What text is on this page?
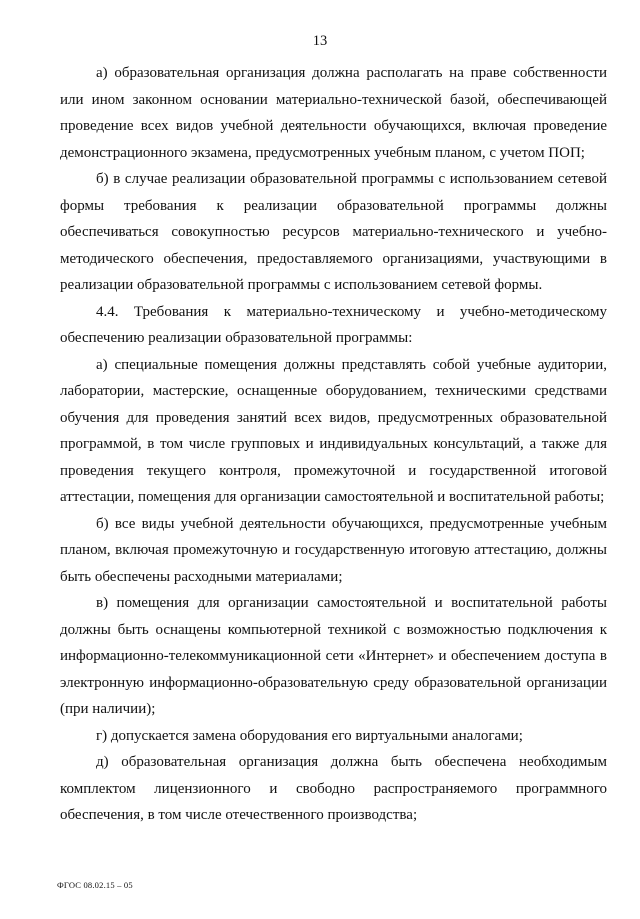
13

а) образовательная организация должна располагать на праве собственности или ином законном основании материально-технической базой, обеспечивающей проведение всех видов учебной деятельности обучающихся, включая проведение демонстрационного экзамена, предусмотренных учебным планом, с учетом ПОП;

б) в случае реализации образовательной программы с использованием сетевой формы требования к реализации образовательной программы должны обеспечиваться совокупностью ресурсов материально-технического и учебно-методического обеспечения, предоставляемого организациями, участвующими в реализации образовательной программы с использованием сетевой формы.

4.4. Требования к материально-техническому и учебно-методическому обеспечению реализации образовательной программы:

а) специальные помещения должны представлять собой учебные аудитории, лаборатории, мастерские, оснащенные оборудованием, техническими средствами обучения для проведения занятий всех видов, предусмотренных образовательной программой, в том числе групповых и индивидуальных консультаций, а также для проведения текущего контроля, промежуточной и государственной итоговой аттестации, помещения для организации самостоятельной и воспитательной работы;

б) все виды учебной деятельности обучающихся, предусмотренные учебным планом, включая промежуточную и государственную итоговую аттестацию, должны быть обеспечены расходными материалами;

в) помещения для организации самостоятельной и воспитательной работы должны быть оснащены компьютерной техникой с возможностью подключения к информационно-телекоммуникационной сети «Интернет» и обеспечением доступа в электронную информационно-образовательную среду образовательной организации (при наличии);

г) допускается замена оборудования его виртуальными аналогами;

д) образовательная организация должна быть обеспечена необходимым комплектом лицензионного и свободно распространяемого программного обеспечения, в том числе отечественного производства;

ФГОС 08.02.15 – 05
